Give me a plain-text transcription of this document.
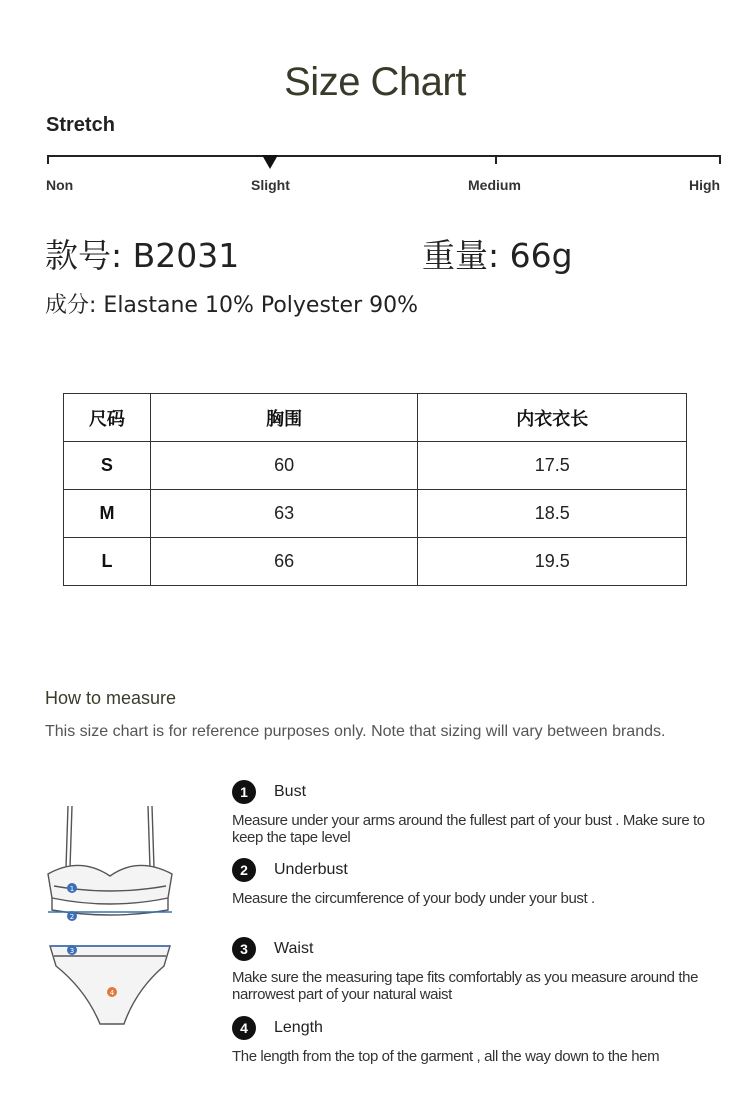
Size Chart
Stretch
Non	Slight	Medium	High
款号: B2031	重量: 66g
成分: Elastane 10% Polyester 90%
尺码	胸围	内衣衣长
S	60	17.5
M	63	18.5
L	66	19.5
How to measure
This size chart is for reference purposes only. Note that sizing will vary between brands.
1
2
3
4
1	Bust
Measure under your arms around the fullest part of your bust . Make sure to keep the tape level
2	Underbust
Measure the circumference of your body under your bust .
3	Waist
Make sure the measuring tape fits comfortably as you measure around the narrowest part of your natural waist
4	Length
The length from the top of the garment , all the way down to the hem
